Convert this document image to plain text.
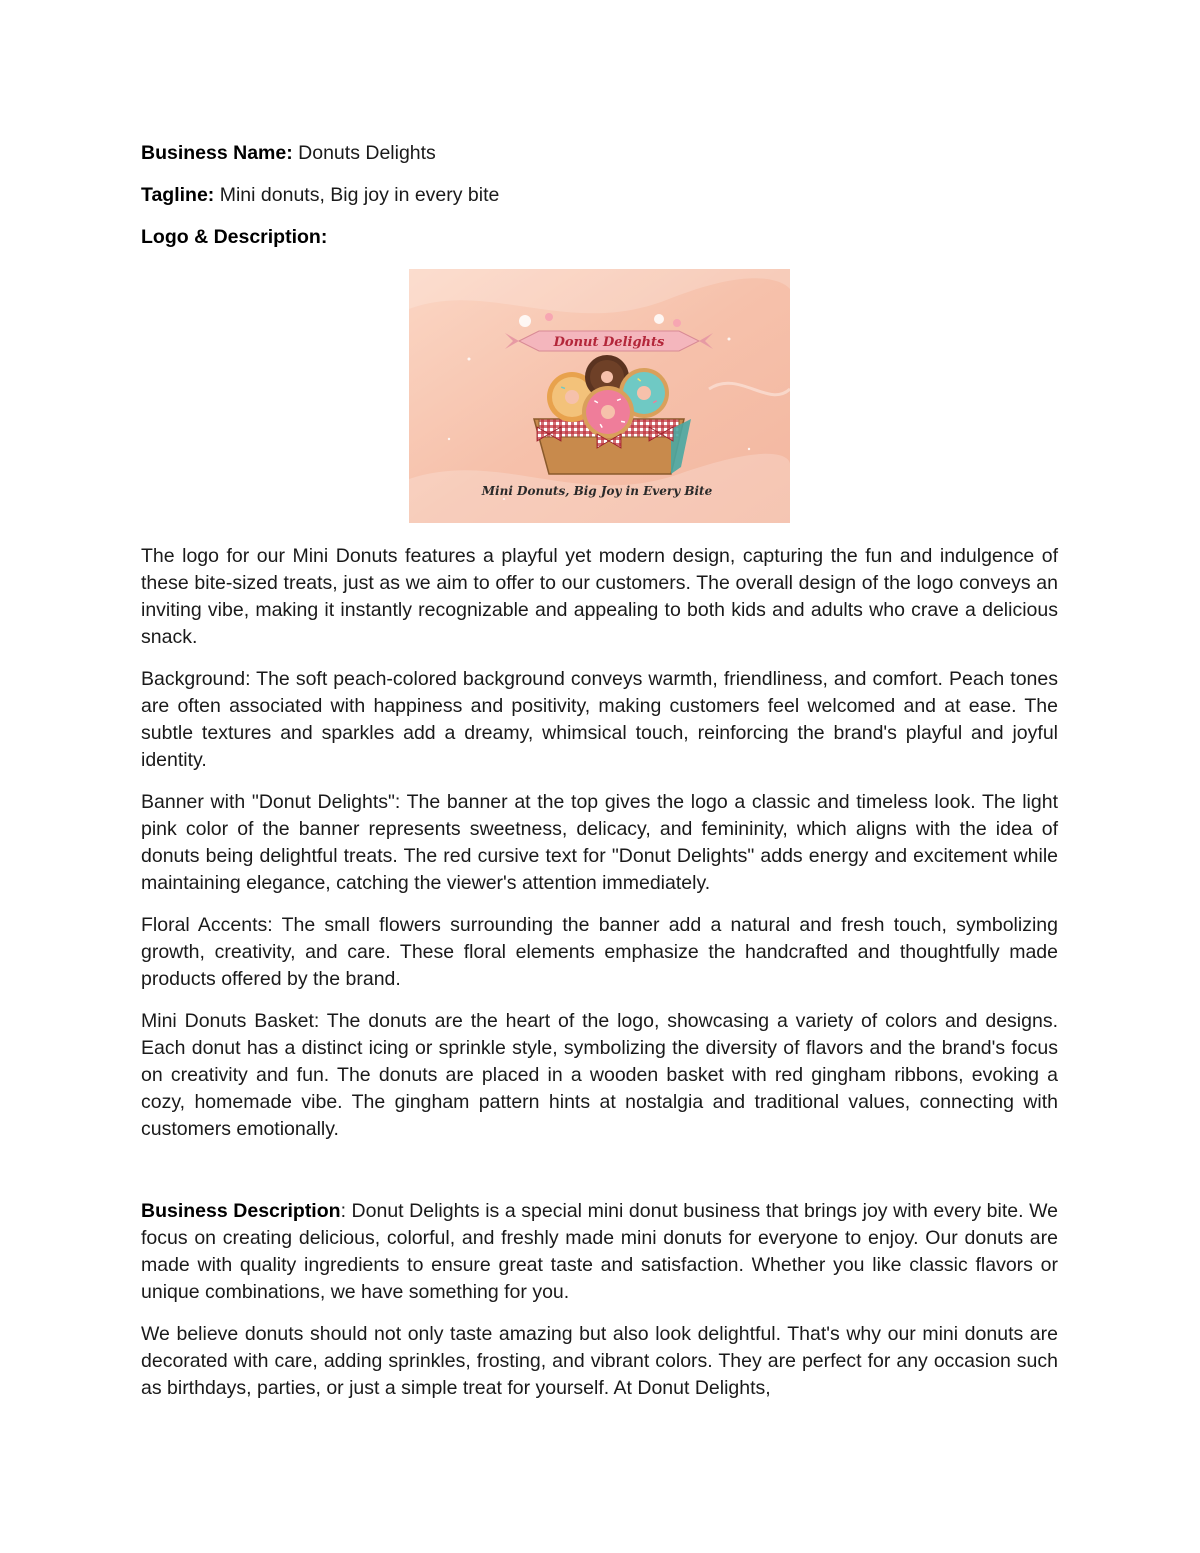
Business Name: Donuts Delights

Tagline: Mini donuts, Big joy in every bite

Logo & Description:

Donut Delights
Mini Donuts, Big Joy in Every Bite

The logo for our Mini Donuts features a playful yet modern design, capturing the fun and indulgence of these bite-sized treats, just as we aim to offer to our customers. The overall design of the logo conveys an inviting vibe, making it instantly recognizable and appealing to both kids and adults who crave a delicious snack.

Background: The soft peach-colored background conveys warmth, friendliness, and comfort. Peach tones are often associated with happiness and positivity, making customers feel welcomed and at ease. The subtle textures and sparkles add a dreamy, whimsical touch, reinforcing the brand's playful and joyful identity.

Banner with "Donut Delights": The banner at the top gives the logo a classic and timeless look. The light pink color of the banner represents sweetness, delicacy, and femininity, which aligns with the idea of donuts being delightful treats. The red cursive text for "Donut Delights" adds energy and excitement while maintaining elegance, catching the viewer's attention immediately.

Floral Accents: The small flowers surrounding the banner add a natural and fresh touch, symbolizing growth, creativity, and care. These floral elements emphasize the handcrafted and thoughtfully made products offered by the brand.

Mini Donuts Basket: The donuts are the heart of the logo, showcasing a variety of colors and designs. Each donut has a distinct icing or sprinkle style, symbolizing the diversity of flavors and the brand's focus on creativity and fun. The donuts are placed in a wooden basket with red gingham ribbons, evoking a cozy, homemade vibe. The gingham pattern hints at nostalgia and traditional values, connecting with customers emotionally.

Business Description: Donut Delights is a special mini donut business that brings joy with every bite. We focus on creating delicious, colorful, and freshly made mini donuts for everyone to enjoy. Our donuts are made with quality ingredients to ensure great taste and satisfaction. Whether you like classic flavors or unique combinations, we have something for you.

We believe donuts should not only taste amazing but also look delightful. That's why our mini donuts are decorated with care, adding sprinkles, frosting, and vibrant colors. They are perfect for any occasion such as birthdays, parties, or just a simple treat for yourself. At Donut Delights,
